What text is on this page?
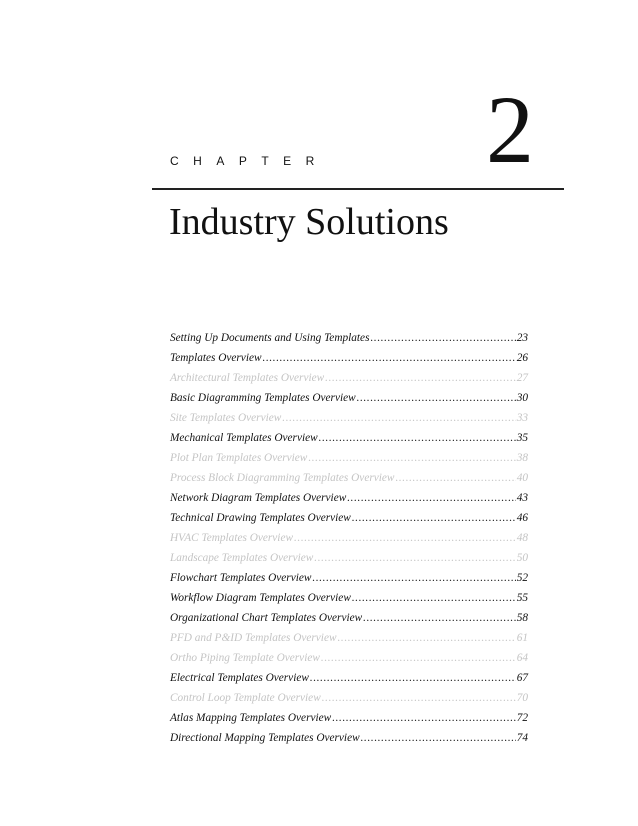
CHAPTER 2
Industry Solutions
Setting Up Documents and Using Templates .....	23
Templates Overview .....	26
Architectural Templates Overview .....	27
Basic Diagramming Templates Overview .....	30
Site Templates Overview .....	33
Mechanical Templates Overview .....	35
Plot Plan Templates Overview .....	38
Process Block Diagramming Templates Overview .....	40
Network Diagram Templates Overview .....	43
Technical Drawing Templates Overview .....	46
HVAC Templates Overview .....	48
Landscape Templates Overview .....	50
Flowchart Templates Overview .....	52
Workflow Diagram Templates Overview .....	55
Organizational Chart Templates Overview .....	58
PFD and P&ID Templates Overview .....	61
Ortho Piping Template Overview .....	64
Electrical Templates Overview .....	67
Control Loop Template Overview .....	70
Atlas Mapping Templates Overview .....	72
Directional Mapping Templates Overview .....	74
